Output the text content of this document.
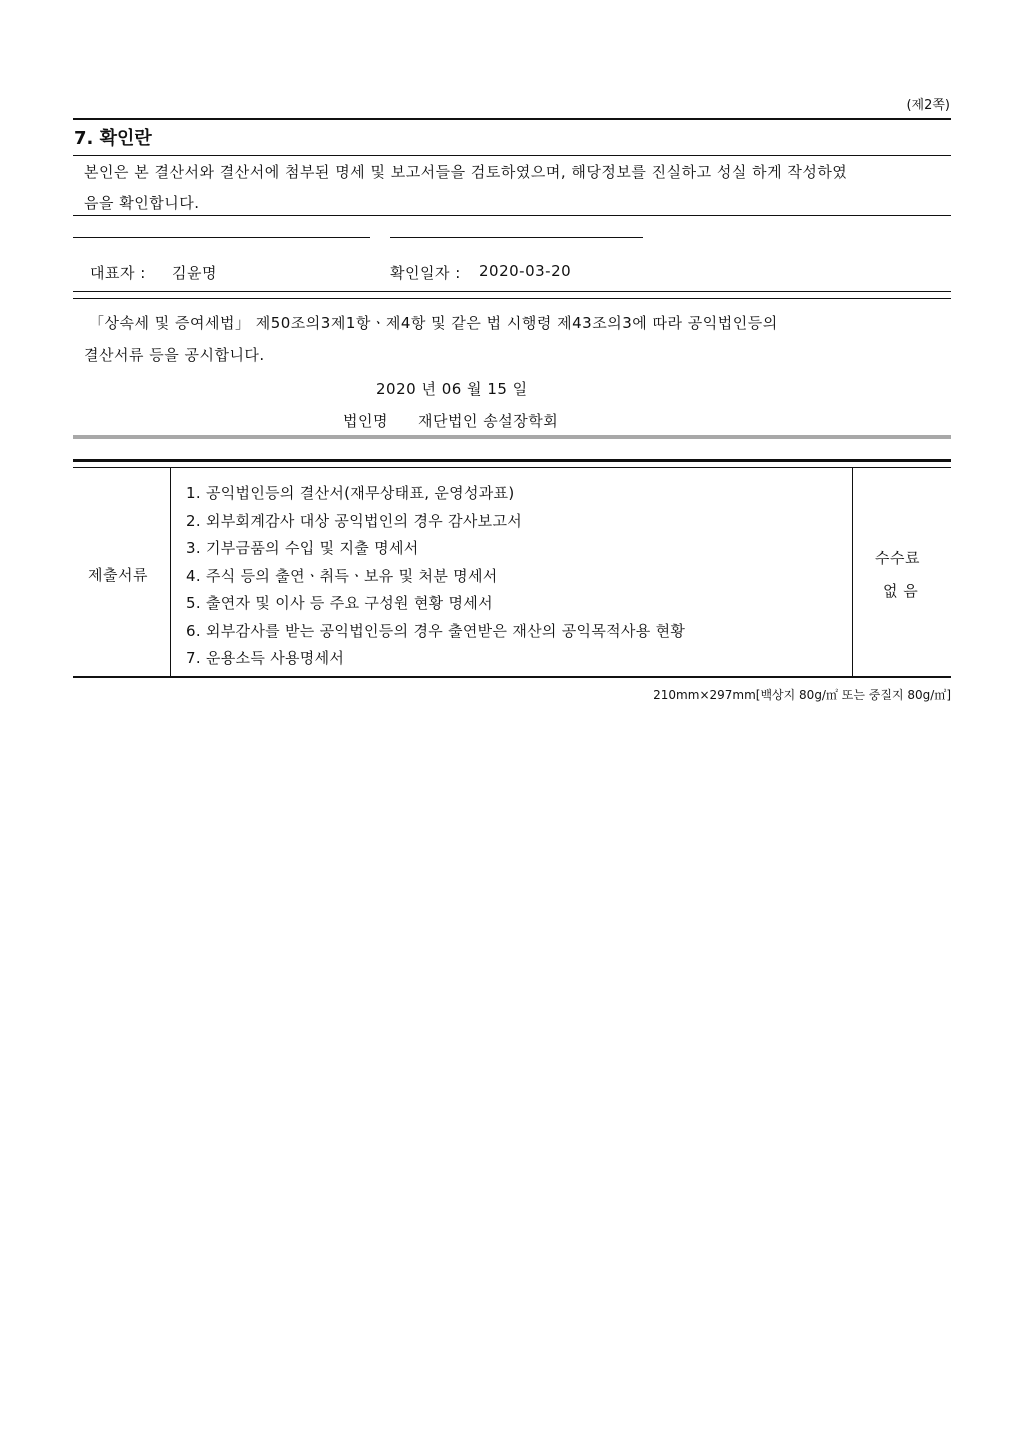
(제2쪽)
7. 확인란
본인은 본 결산서와 결산서에 첨부된 명세 및 보고서들을 검토하였으며, 해당정보를 진실하고 성실 하게 작성하였
음을 확인합니다.
대표자 : 김윤명	확인일자 : 2020-03-20
「상속세 및 증여세법」 제50조의3제1항ㆍ제4항 및 같은 법 시행령 제43조의3에 따라 공익법인등의
결산서류 등을 공시합니다.
2020 년 06 월 15 일
법인명 재단법인 송설장학회
제출서류
1. 공익법인등의 결산서(재무상태표, 운영성과표)
2. 외부회계감사 대상 공익법인의 경우 감사보고서
3. 기부금품의 수입 및 지출 명세서
4. 주식 등의 출연ㆍ취득ㆍ보유 및 처분 명세서
5. 출연자 및 이사 등 주요 구성원 현황 명세서
6. 외부감사를 받는 공익법인등의 경우 출연받은 재산의 공익목적사용 현황
7. 운용소득 사용명세서
수수료
없 음
210mm×297mm[백상지 80g/㎡ 또는 중질지 80g/㎡]
